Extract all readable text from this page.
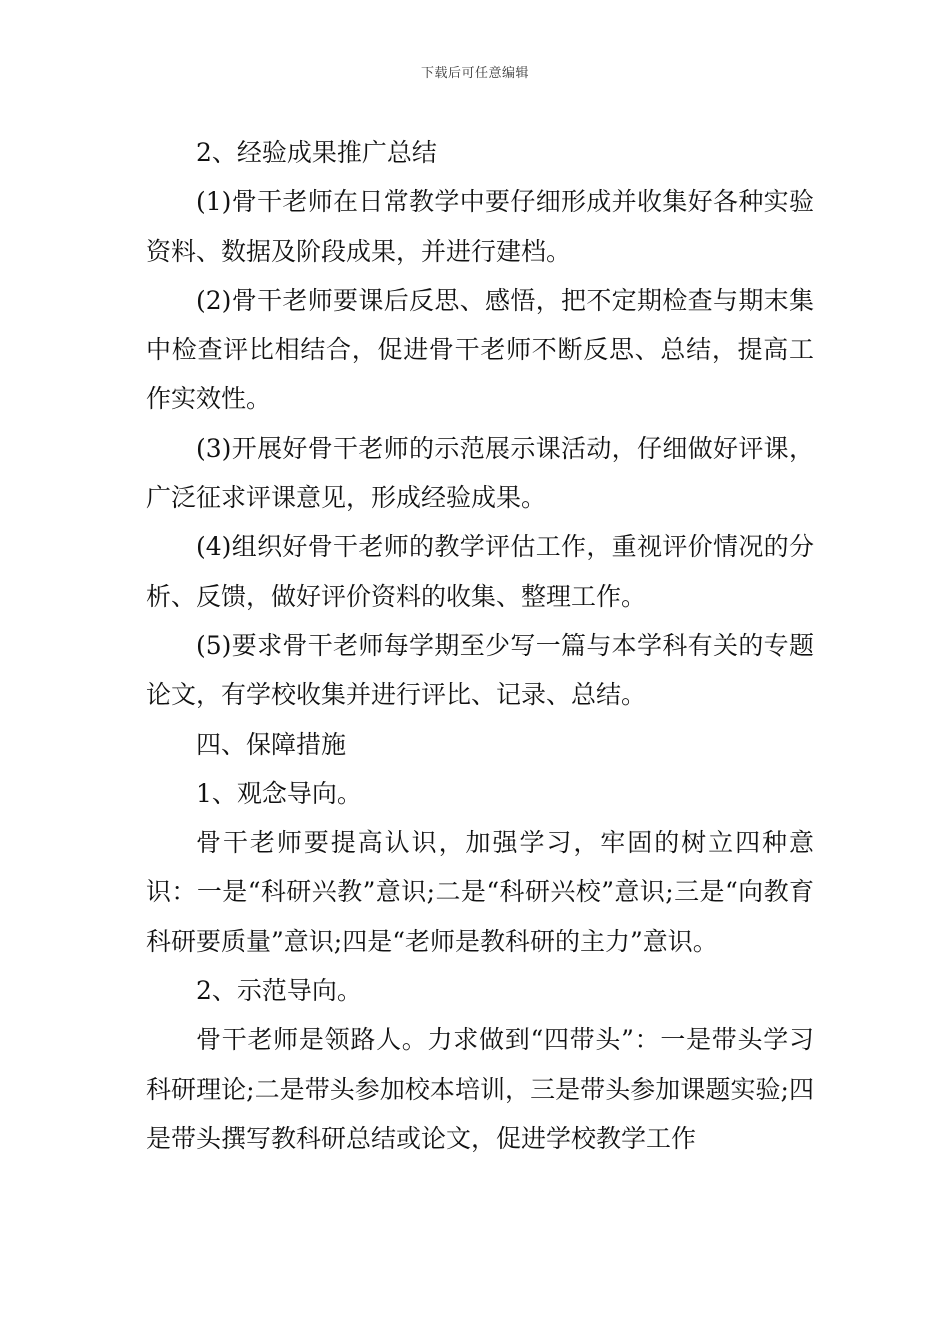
下载后可任意编辑

2、经验成果推广总结

(1)骨干老师在日常教学中要仔细形成并收集好各种实验资料、数据及阶段成果，并进行建档。

(2)骨干老师要课后反思、感悟，把不定期检查与期末集中检查评比相结合，促进骨干老师不断反思、总结，提高工作实效性。

(3)开展好骨干老师的示范展示课活动，仔细做好评课，广泛征求评课意见，形成经验成果。

(4)组织好骨干老师的教学评估工作，重视评价情况的分析、反馈，做好评价资料的收集、整理工作。

(5)要求骨干老师每学期至少写一篇与本学科有关的专题论文，有学校收集并进行评比、记录、总结。

四、保障措施

1、观念导向。

骨干老师要提高认识，加强学习，牢固的树立四种意识：一是“科研兴教”意识;二是“科研兴校”意识;三是“向教育科研要质量”意识;四是“老师是教科研的主力”意识。

2、示范导向。

骨干老师是领路人。力求做到“四带头”：一是带头学习科研理论;二是带头参加校本培训，三是带头参加课题实验;四是带头撰写教科研总结或论文，促进学校教学工作
